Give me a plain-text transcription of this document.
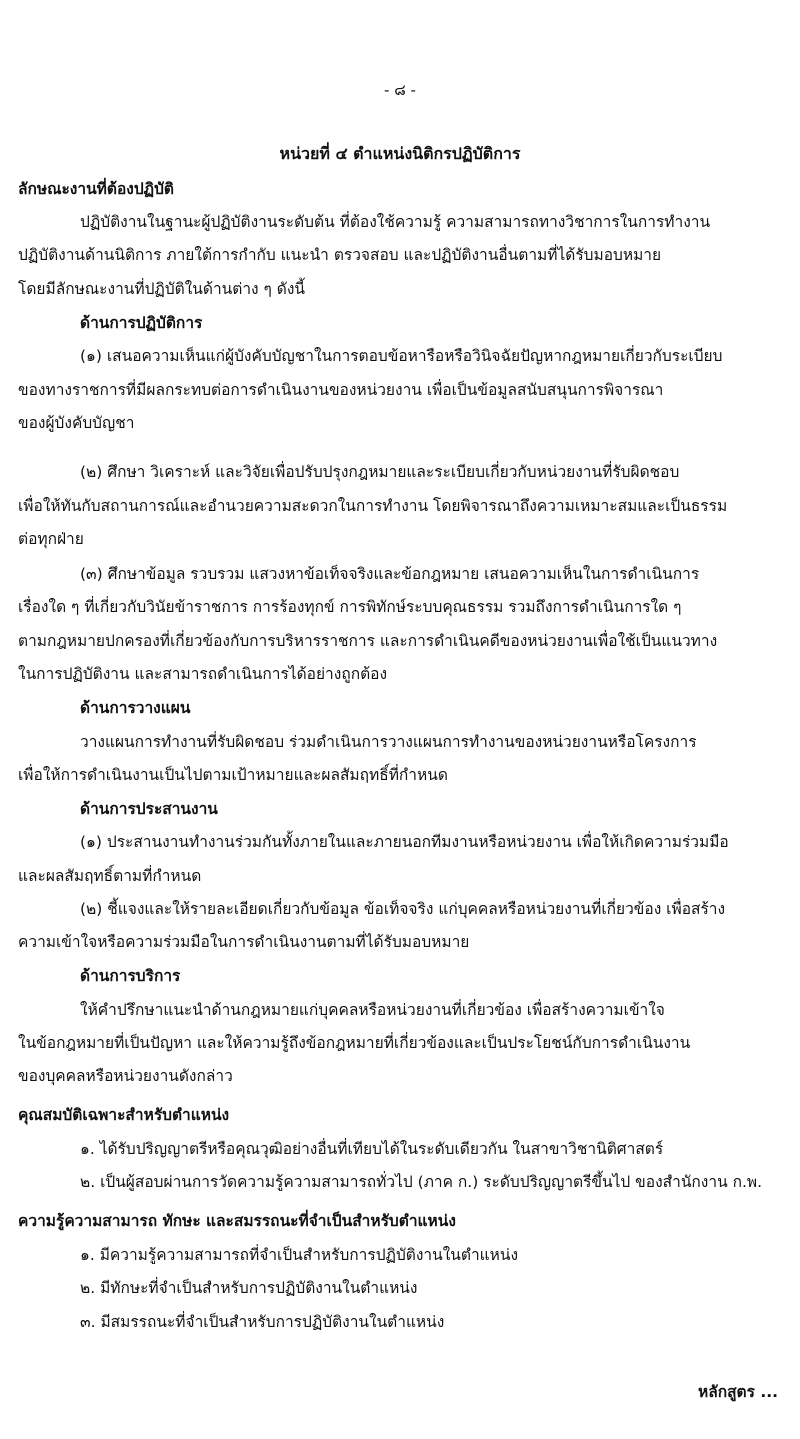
- ๘ -
หน่วยที่ ๔ ตำแหน่งนิติกรปฏิบัติการ
ลักษณะงานที่ต้องปฏิบัติ
ปฏิบัติงานในฐานะผู้ปฏิบัติงานระดับต้น ที่ต้องใช้ความรู้ ความสามารถทางวิชาการในการทำงาน
ปฏิบัติงานด้านนิติการ ภายใต้การกำกับ แนะนำ ตรวจสอบ และปฏิบัติงานอื่นตามที่ได้รับมอบหมาย
โดยมีลักษณะงานที่ปฏิบัติในด้านต่าง ๆ ดังนี้
ด้านการปฏิบัติการ
(๑) เสนอความเห็นแก่ผู้บังคับบัญชาในการตอบข้อหารือหรือวินิจฉัยปัญหากฎหมายเกี่ยวกับระเบียบ
ของทางราชการที่มีผลกระทบต่อการดำเนินงานของหน่วยงาน เพื่อเป็นข้อมูลสนับสนุนการพิจารณา
ของผู้บังคับบัญชา
(๒) ศึกษา วิเคราะห์ และวิจัยเพื่อปรับปรุงกฎหมายและระเบียบเกี่ยวกับหน่วยงานที่รับผิดชอบ
เพื่อให้ทันกับสถานการณ์และอำนวยความสะดวกในการทำงาน โดยพิจารณาถึงความเหมาะสมและเป็นธรรม
ต่อทุกฝ่าย
(๓) ศึกษาข้อมูล รวบรวม แสวงหาข้อเท็จจริงและข้อกฎหมาย เสนอความเห็นในการดำเนินการ
เรื่องใด ๆ ที่เกี่ยวกับวินัยข้าราชการ การร้องทุกข์ การพิทักษ์ระบบคุณธรรม รวมถึงการดำเนินการใด ๆ
ตามกฎหมายปกครองที่เกี่ยวข้องกับการบริหารราชการ และการดำเนินคดีของหน่วยงานเพื่อใช้เป็นแนวทาง
ในการปฏิบัติงาน และสามารถดำเนินการได้อย่างถูกต้อง
ด้านการวางแผน
วางแผนการทำงานที่รับผิดชอบ ร่วมดำเนินการวางแผนการทำงานของหน่วยงานหรือโครงการ
เพื่อให้การดำเนินงานเป็นไปตามเป้าหมายและผลสัมฤทธิ์ที่กำหนด
ด้านการประสานงาน
(๑) ประสานงานทำงานร่วมกันทั้งภายในและภายนอกทีมงานหรือหน่วยงาน เพื่อให้เกิดความร่วมมือ
และผลสัมฤทธิ์ตามที่กำหนด
(๒) ชี้แจงและให้รายละเอียดเกี่ยวกับข้อมูล ข้อเท็จจริง แก่บุคคลหรือหน่วยงานที่เกี่ยวข้อง เพื่อสร้าง
ความเข้าใจหรือความร่วมมือในการดำเนินงานตามที่ได้รับมอบหมาย
ด้านการบริการ
ให้คำปรึกษาแนะนำด้านกฎหมายแก่บุคคลหรือหน่วยงานที่เกี่ยวข้อง เพื่อสร้างความเข้าใจ
ในข้อกฎหมายที่เป็นปัญหา และให้ความรู้ถึงข้อกฎหมายที่เกี่ยวข้องและเป็นประโยชน์กับการดำเนินงาน
ของบุคคลหรือหน่วยงานดังกล่าว
คุณสมบัติเฉพาะสำหรับตำแหน่ง
๑. ได้รับปริญญาตรีหรือคุณวุฒิอย่างอื่นที่เทียบได้ในระดับเดียวกัน ในสาขาวิชานิติศาสตร์
๒. เป็นผู้สอบผ่านการวัดความรู้ความสามารถทั่วไป (ภาค ก.) ระดับปริญญาตรีขึ้นไป ของสำนักงาน ก.พ.
ความรู้ความสามารถ ทักษะ และสมรรถนะที่จำเป็นสำหรับตำแหน่ง
๑. มีความรู้ความสามารถที่จำเป็นสำหรับการปฏิบัติงานในตำแหน่ง
๒. มีทักษะที่จำเป็นสำหรับการปฏิบัติงานในตำแหน่ง
๓. มีสมรรถนะที่จำเป็นสำหรับการปฏิบัติงานในตำแหน่ง
หลักสูตร ...
